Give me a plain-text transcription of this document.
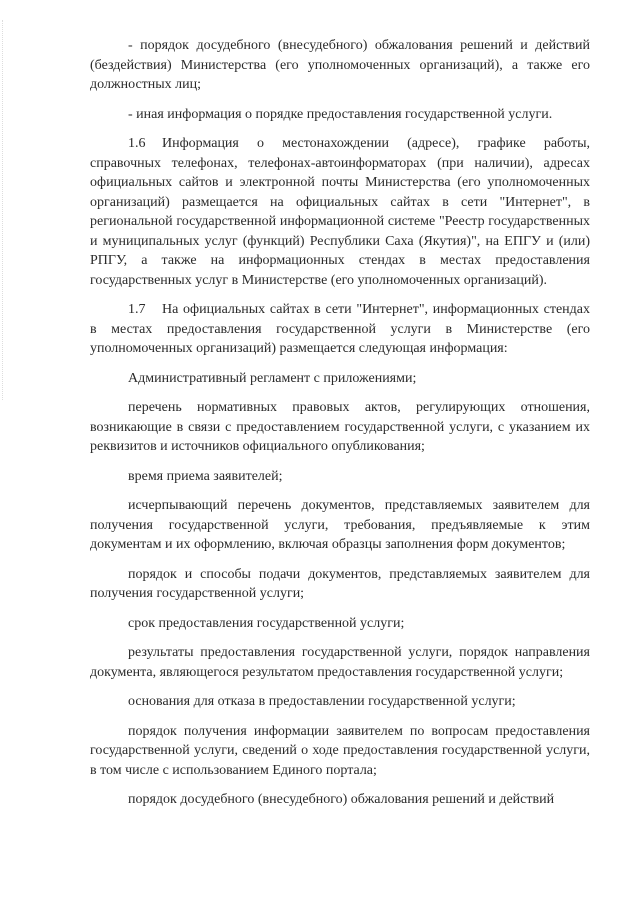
- порядок досудебного (внесудебного) обжалования решений и действий (бездействия) Министерства (его уполномоченных организаций), а также его должностных лиц;

- иная информация о порядке предоставления государственной услуги.

1.6 Информация о местонахождении (адресе), графике работы, справочных телефонах, телефонах-автоинформаторах (при наличии), адресах официальных сайтов и электронной почты Министерства (его уполномоченных организаций) размещается на официальных сайтах в сети "Интернет", в региональной государственной информационной системе "Реестр государственных и муниципальных услуг (функций) Республики Саха (Якутия)", на ЕПГУ и (или) РПГУ, а также на информационных стендах в местах предоставления государственных услуг в Министерстве (его уполномоченных организаций).

1.7 На официальных сайтах в сети "Интернет", информационных стендах в местах предоставления государственной услуги в Министерстве (его уполномоченных организаций) размещается следующая информация:

Административный регламент с приложениями;

перечень нормативных правовых актов, регулирующих отношения, возникающие в связи с предоставлением государственной услуги, с указанием их реквизитов и источников официального опубликования;

время приема заявителей;

исчерпывающий перечень документов, представляемых заявителем для получения государственной услуги, требования, предъявляемые к этим документам и их оформлению, включая образцы заполнения форм документов;

порядок и способы подачи документов, представляемых заявителем для получения государственной услуги;

срок предоставления государственной услуги;

результаты предоставления государственной услуги, порядок направления документа, являющегося результатом предоставления государственной услуги;

основания для отказа в предоставлении государственной услуги;

порядок получения информации заявителем по вопросам предоставления государственной услуги, сведений о ходе предоставления государственной услуги, в том числе с использованием Единого портала;

порядок досудебного (внесудебного) обжалования решений и действий
